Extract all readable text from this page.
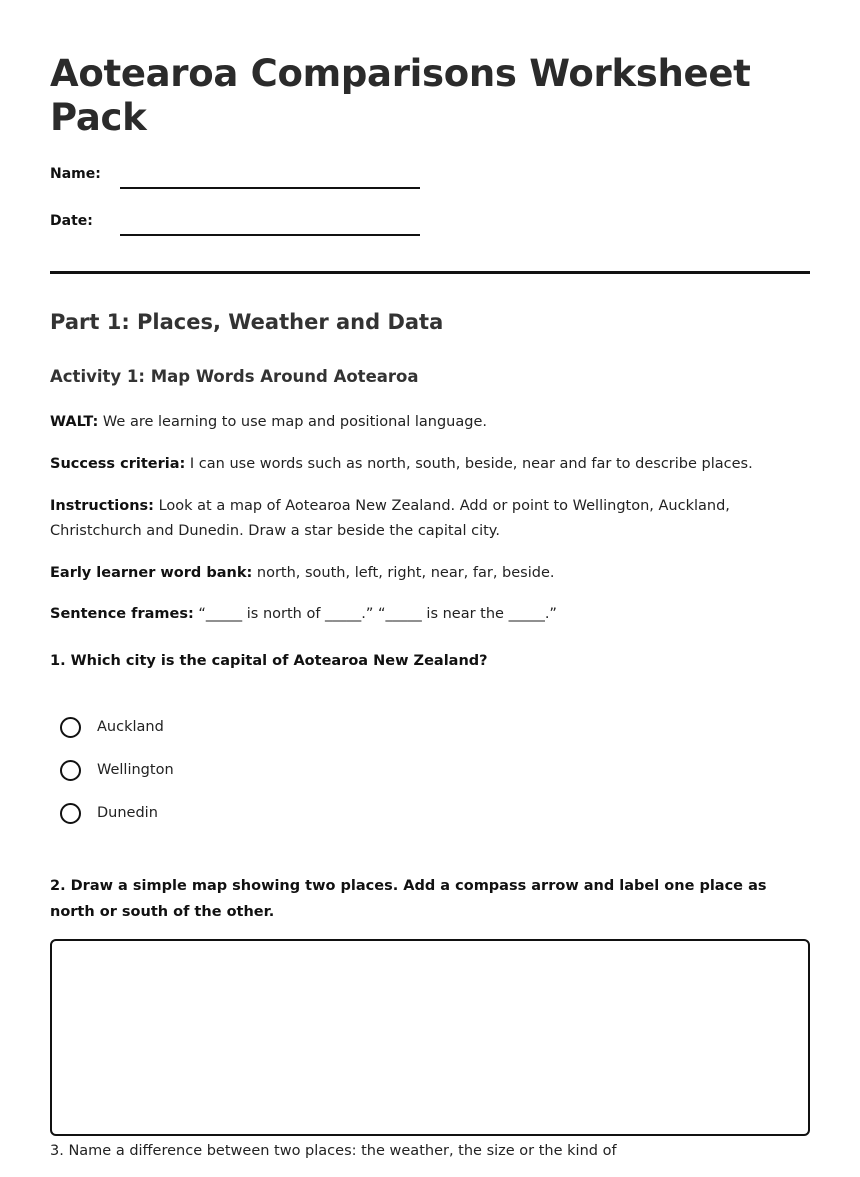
Aotearoa Comparisons Worksheet Pack
Name:
Date:
Part 1: Places, Weather and Data
Activity 1: Map Words Around Aotearoa

WALT: We are learning to use map and positional language.

Success criteria: I can use words such as north, south, beside, near and far to describe places.

Instructions: Look at a map of Aotearoa New Zealand. Add or point to Wellington, Auckland, Christchurch and Dunedin. Draw a star beside the capital city.

Early learner word bank: north, south, left, right, near, far, beside.

Sentence frames: “_____ is north of _____.” “_____ is near the _____.”

1. Which city is the capital of Aotearoa New Zealand?

Auckland
Wellington
Dunedin

2. Draw a simple map showing two places. Add a compass arrow and label one place as north or south of the other.

3. Name a difference between two places: the weather, the size or the kind of
